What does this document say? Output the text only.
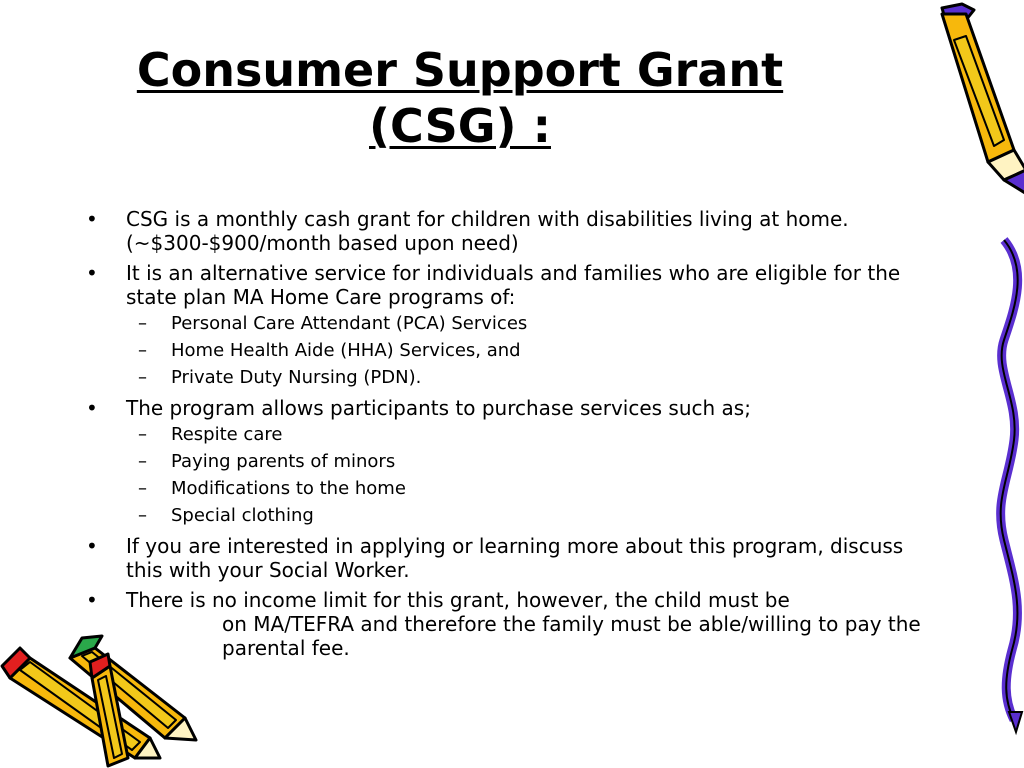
Consumer Support Grant
(CSG) :
• CSG is a monthly cash grant for children with disabilities living at home. (~$300-$900/month based upon need)
• It is an alternative service for individuals and families who are eligible for the state plan MA Home Care programs of:
– Personal Care Attendant (PCA) Services
– Home Health Aide (HHA) Services, and
– Private Duty Nursing (PDN).
• The program allows participants to purchase services such as;
– Respite care
– Paying parents of minors
– Modifications to the home
– Special clothing
• If you are interested in applying or learning more about this program, discuss this with your Social Worker.
• There is no income limit for this grant, however, the child must be
on MA/TEFRA and therefore the family must be able/willing to pay the parental fee.
